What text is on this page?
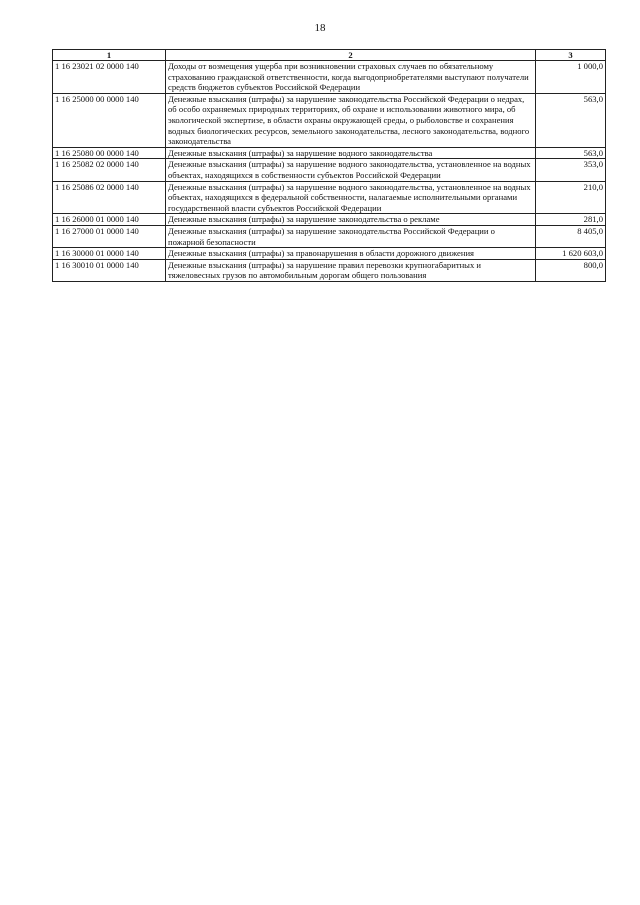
18
1	2	3
1 16 23021 02 0000 140	Доходы от возмещения ущерба при возникновении страховых случаев по обязательному страхованию гражданской ответственности, когда выгодоприобретателями выступают получатели средств бюджетов субъектов Российской Федерации	1 000,0
1 16 25000 00 0000 140	Денежные взыскания (штрафы) за нарушение законодательства Российской Федерации о недрах, об особо охраняемых природных территориях, об охране и использовании животного мира, об экологической экспертизе, в области охраны окружающей среды, о рыболовстве и сохранения водных биологических ресурсов, земельного законодательства, лесного законодательства, водного законодательства	563,0
1 16 25080 00 0000 140	Денежные взыскания (штрафы) за нарушение водного законодательства	563,0
1 16 25082 02 0000 140	Денежные взыскания (штрафы) за нарушение водного законодательства, установленное на водных объектах, находящихся в собственности субъектов Российской Федерации	353,0
1 16 25086 02 0000 140	Денежные взыскания (штрафы) за нарушение водного законодательства, установленное на водных объектах, находящихся в федеральной собственности, налагаемые исполнительными органами государственной власти субъектов Российской Федерации	210,0
1 16 26000 01 0000 140	Денежные взыскания (штрафы) за нарушение законодательства о рекламе	281,0
1 16 27000 01 0000 140	Денежные взыскания (штрафы) за нарушение законодательства Российской Федерации о пожарной безопасности	8 405,0
1 16 30000 01 0000 140	Денежные взыскания (штрафы) за правонарушения в области дорожного движения	1 620 603,0
1 16 30010 01 0000 140	Денежные взыскания (штрафы) за нарушение правил перевозки крупногабаритных и тяжеловесных грузов по автомобильным дорогам общего пользования	800,0
